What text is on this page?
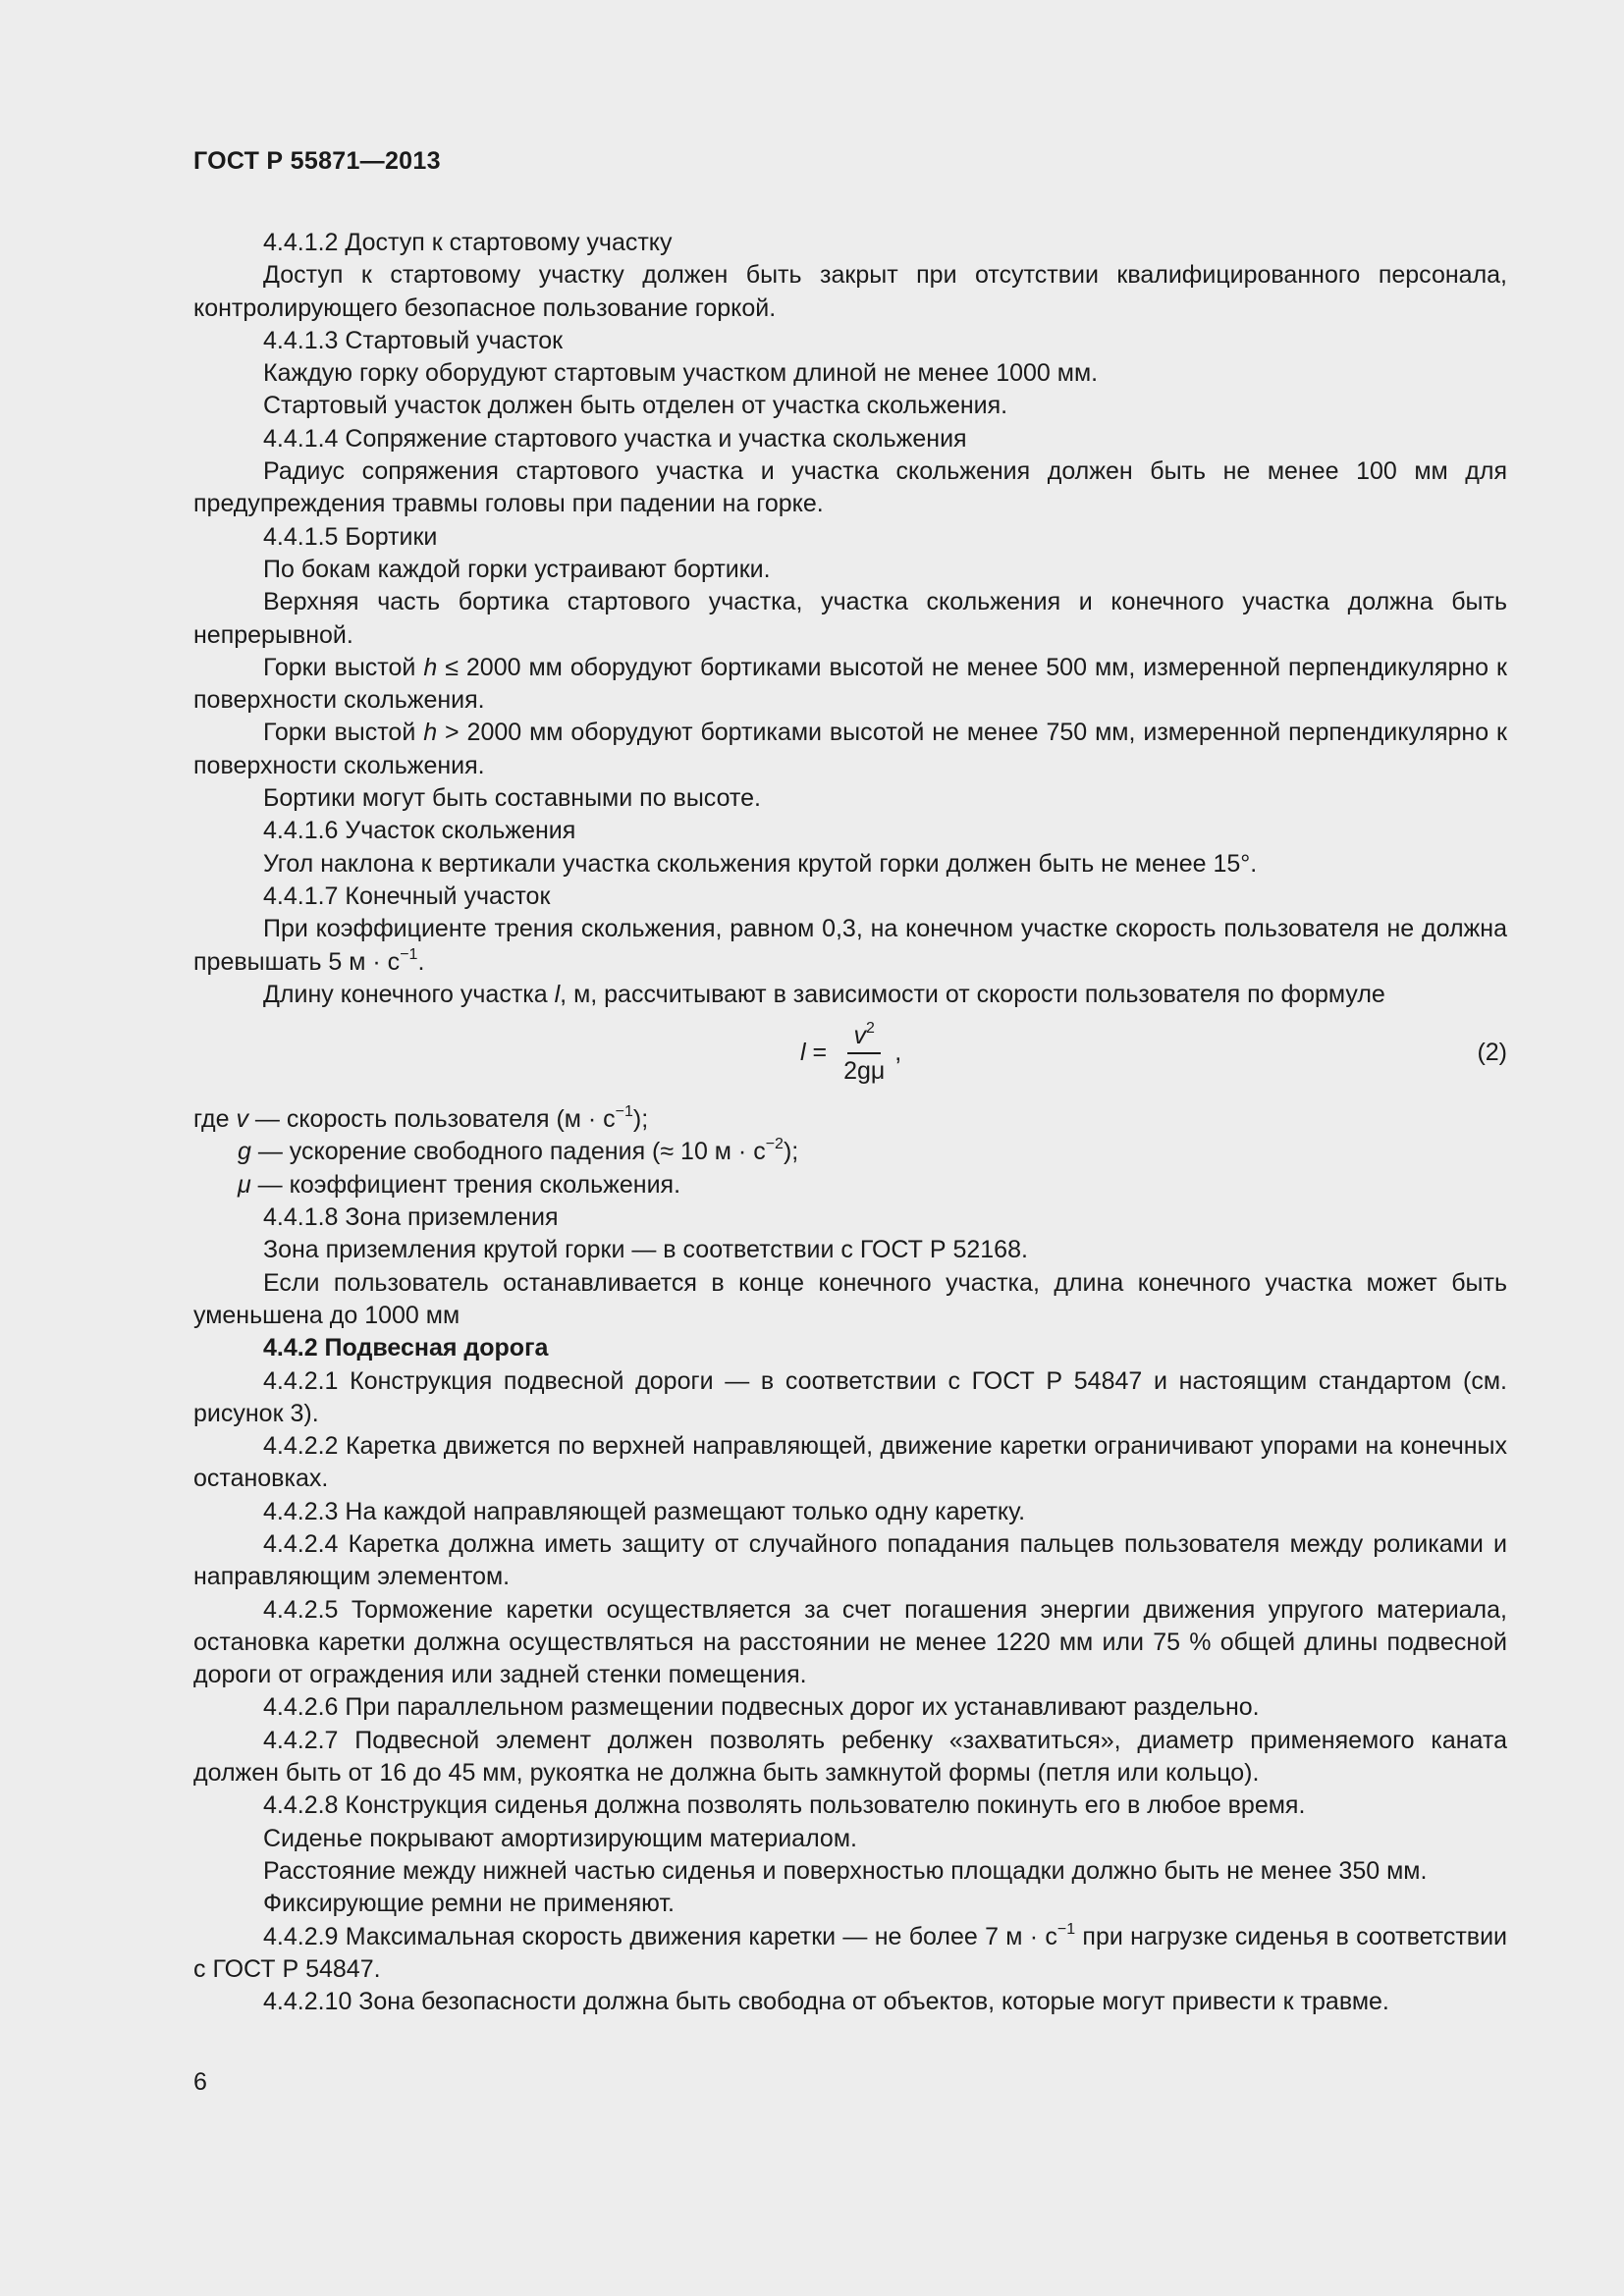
ГОСТ Р 55871—2013

4.4.1.2 Доступ к стартовому участку

Доступ к стартовому участку должен быть закрыт при отсутствии квалифицированного персонала, контролирующего безопасное пользование горкой.

4.4.1.3 Стартовый участок

Каждую горку оборудуют стартовым участком длиной не менее 1000 мм.

Стартовый участок должен быть отделен от участка скольжения.

4.4.1.4 Сопряжение стартового участка и участка скольжения

Радиус сопряжения стартового участка и участка скольжения должен быть не менее 100 мм для предупреждения травмы головы при падении на горке.

4.4.1.5 Бортики

По бокам каждой горки устраивают бортики.

Верхняя часть бортика стартового участка, участка скольжения и конечного участка должна быть непрерывной.

Горки выстой h ≤ 2000 мм оборудуют бортиками высотой не менее 500 мм, измеренной перпендикулярно к поверхности скольжения.

Горки выстой h > 2000 мм оборудуют бортиками высотой не менее 750 мм, измеренной перпендикулярно к поверхности скольжения.

Бортики могут быть составными по высоте.

4.4.1.6 Участок скольжения

Угол наклона к вертикали участка скольжения крутой горки должен быть не менее 15°.

4.4.1.7 Конечный участок

При коэффициенте трения скольжения, равном 0,3, на конечном участке скорость пользователя не должна превышать 5 $м \cdot с^{-1}$.

Длину конечного участка l, м, рассчитывают в зависимости от скорости пользователя по формуле

$l = \frac{v^2}{2g\mu}$ ,	(2)

где v — скорость пользователя $(м \cdot с^{-1})$;

g — ускорение свободного падения (≈ 10 $м \cdot с^{-2}$);

μ — коэффициент трения скольжения.

4.4.1.8 Зона приземления

Зона приземления крутой горки — в соответствии с ГОСТ Р 52168.

Если пользователь останавливается в конце конечного участка, длина конечного участка может быть уменьшена до 1000 мм

4.4.2 Подвесная дорога

4.4.2.1 Конструкция подвесной дороги — в соответствии с ГОСТ Р 54847 и настоящим стандартом (см. рисунок 3).

4.4.2.2 Каретка движется по верхней направляющей, движение каретки ограничивают упорами на конечных остановках.

4.4.2.3 На каждой направляющей размещают только одну каретку.

4.4.2.4 Каретка должна иметь защиту от случайного попадания пальцев пользователя между роликами и направляющим элементом.

4.4.2.5 Торможение каретки осуществляется за счет погашения энергии движения упругого материала, остановка каретки должна осуществляться на расстоянии не менее 1220 мм или 75 % общей длины подвесной дороги от ограждения или задней стенки помещения.

4.4.2.6 При параллельном размещении подвесных дорог их устанавливают раздельно.

4.4.2.7 Подвесной элемент должен позволять ребенку «захватиться», диаметр применяемого каната должен быть от 16 до 45 мм, рукоятка не должна быть замкнутой формы (петля или кольцо).

4.4.2.8 Конструкция сиденья должна позволять пользователю покинуть его в любое время.

Сиденье покрывают амортизирующим материалом.

Расстояние между нижней частью сиденья и поверхностью площадки должно быть не менее 350 мм.

Фиксирующие ремни не применяют.

4.4.2.9 Максимальная скорость движения каретки — не более 7 $м \cdot с^{-1}$ при нагрузке сиденья в соответствии с ГОСТ Р 54847.

4.4.2.10 Зона безопасности должна быть свободна от объектов, которые могут привести к травме.

6
